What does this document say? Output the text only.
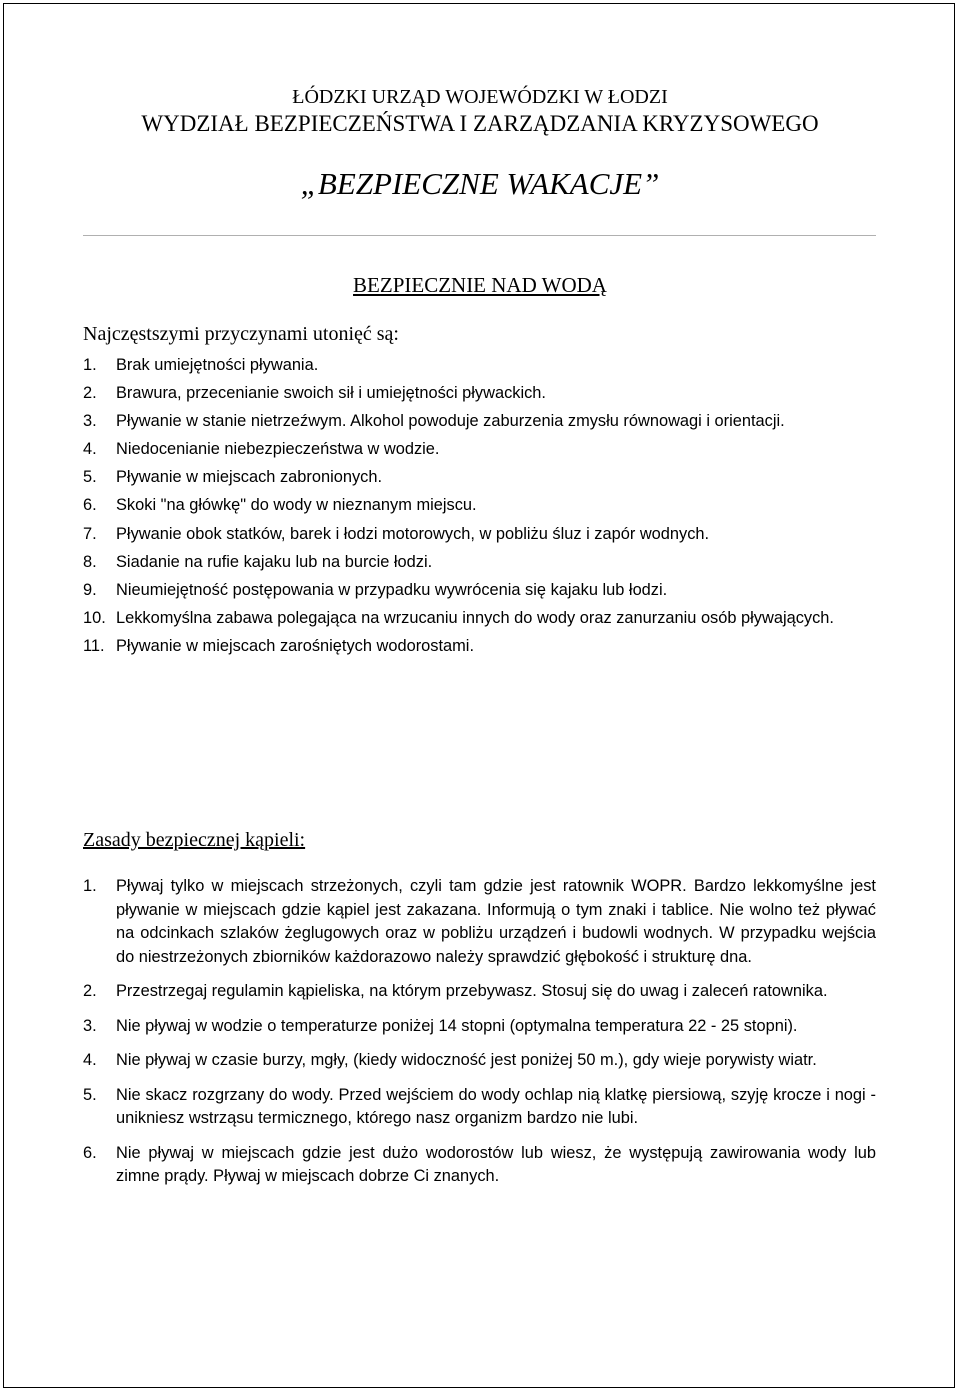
ŁÓDZKI URZĄD WOJEWÓDZKI W ŁODZI
WYDZIAŁ BEZPIECZEŃSTWA I ZARZĄDZANIA KRYZYSOWEGO
„BEZPIECZNE WAKACJE”
BEZPIECZNIE NAD WODĄ
Najczęstszymi przyczynami utonięć są:
1. Brak umiejętności pływania.
2. Brawura, przecenianie swoich sił i umiejętności pływackich.
3. Pływanie w stanie nietrzeźwym. Alkohol powoduje zaburzenia zmysłu równowagi i orientacji.
4. Niedocenianie niebezpieczeństwa w wodzie.
5. Pływanie w miejscach zabronionych.
6. Skoki "na główkę" do wody w nieznanym miejscu.
7. Pływanie obok statków, barek i łodzi motorowych, w pobliżu śluz i zapór wodnych.
8. Siadanie na rufie kajaku lub na burcie łodzi.
9. Nieumiejętność postępowania w przypadku wywrócenia się kajaku lub łodzi.
10. Lekkomyślna zabawa polegająca na wrzucaniu innych do wody oraz zanurzaniu osób pływających.
11. Pływanie w miejscach zarośniętych wodorostami.
Zasady bezpiecznej kąpieli:
1. Pływaj tylko w miejscach strzeżonych, czyli tam gdzie jest ratownik WOPR. Bardzo lekkomyślne jest pływanie w miejscach gdzie kąpiel jest zakazana. Informują o tym znaki i tablice. Nie wolno też pływać na odcinkach szlaków żeglugowych oraz w pobliżu urządzeń i budowli wodnych. W przypadku wejścia do niestrzeżonych zbiorników każdorazowo należy sprawdzić głębokość i strukturę dna.
2. Przestrzegaj regulamin kąpieliska, na którym przebywasz. Stosuj się do uwag i zaleceń ratownika.
3. Nie pływaj w wodzie o temperaturze poniżej 14 stopni (optymalna temperatura 22 - 25 stopni).
4. Nie pływaj w czasie burzy, mgły, (kiedy widoczność jest poniżej 50 m.), gdy wieje porywisty wiatr.
5. Nie skacz rozgrzany do wody. Przed wejściem do wody ochlap nią klatkę piersiową, szyję krocze i nogi - unikniesz wstrząsu termicznego, którego nasz organizm bardzo nie lubi.
6. Nie pływaj w miejscach gdzie jest dużo wodorostów lub wiesz, że występują zawirowania wody lub zimne prądy. Pływaj w miejscach dobrze Ci znanych.
